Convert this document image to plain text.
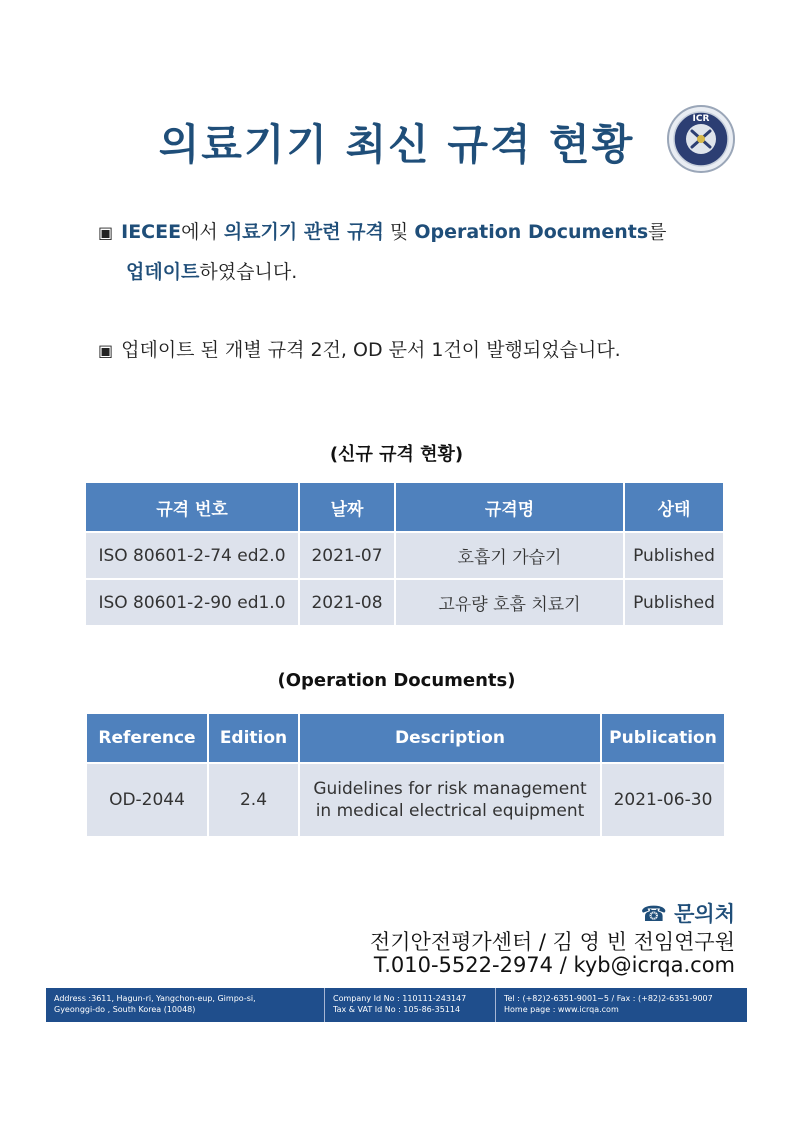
의료기기 최신 규격 현황
ICR
▣ IECEE에서 의료기기 관련 규격 및 Operation Documents를
업데이트하였습니다.
▣ 업데이트 된 개별 규격 2건, OD 문서 1건이 발행되었습니다.
(신규 규격 현황)
규격 번호	날짜	규격명	상태
ISO 80601-2-74 ed2.0	2021-07	호흡기 가습기	Published
ISO 80601-2-90 ed1.0	2021-08	고유량 호흡 치료기	Published
(Operation Documents)
Reference	Edition	Description	Publication
OD-2044	2.4	Guidelines for risk management
in medical electrical equipment	2021-06-30
☎ 문의처
전기안전평가센터 / 김 영 빈 전임연구원
T.010-5522-2974 / kyb@icrqa.com
Address :3611, Hagun-ri, Yangchon-eup, Gimpo-si,
Gyeonggi-do , South Korea (10048)
Company Id No : 110111-243147
Tax & VAT Id No : 105-86-35114
Tel : (+82)2-6351-9001~5 / Fax : (+82)2-6351-9007
Home page : www.icrqa.com
